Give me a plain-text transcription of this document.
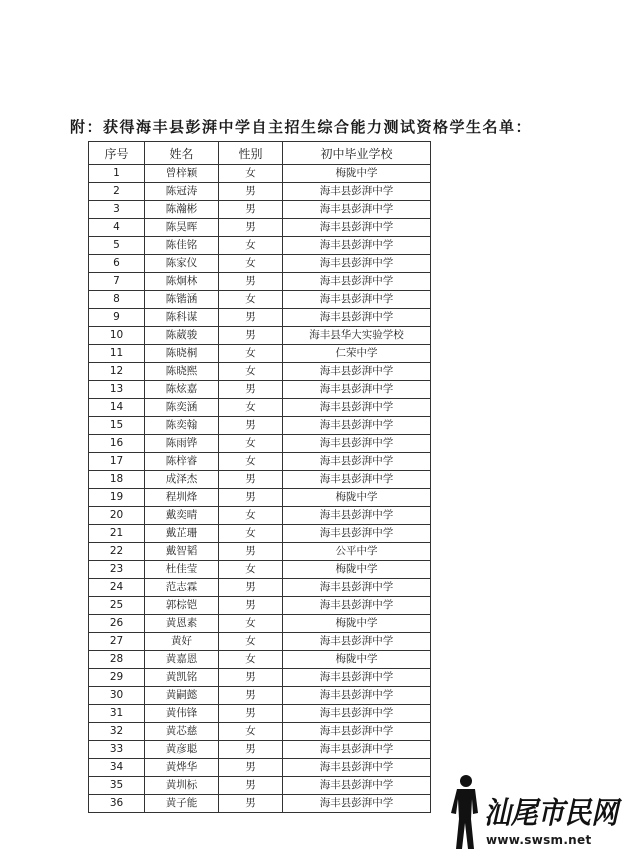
附：获得海丰县彭湃中学自主招生综合能力测试资格学生名单：
序号	姓名	性别	初中毕业学校
1	曾梓颖	女	梅陇中学
2	陈冠涛	男	海丰县彭湃中学
3	陈瀚彬	男	海丰县彭湃中学
4	陈昊晖	男	海丰县彭湃中学
5	陈佳铭	女	海丰县彭湃中学
6	陈家仪	女	海丰县彭湃中学
7	陈炯林	男	海丰县彭湃中学
8	陈锴涵	女	海丰县彭湃中学
9	陈科谋	男	海丰县彭湃中学
10	陈葳骏	男	海丰县华大实验学校
11	陈晓桐	女	仁荣中学
12	陈晓熙	女	海丰县彭湃中学
13	陈炫嘉	男	海丰县彭湃中学
14	陈奕涵	女	海丰县彭湃中学
15	陈奕翰	男	海丰县彭湃中学
16	陈雨铧	女	海丰县彭湃中学
17	陈梓睿	女	海丰县彭湃中学
18	成泽杰	男	海丰县彭湃中学
19	程圳烽	男	梅陇中学
20	戴奕晴	女	海丰县彭湃中学
21	戴芷珊	女	海丰县彭湃中学
22	戴智韬	男	公平中学
23	杜佳莹	女	梅陇中学
24	范志霖	男	海丰县彭湃中学
25	郭棕铠	男	海丰县彭湃中学
26	黄恩素	女	梅陇中学
27	黄好	女	海丰县彭湃中学
28	黄嘉恩	女	梅陇中学
29	黄凯铭	男	海丰县彭湃中学
30	黄嗣懿	男	海丰县彭湃中学
31	黄伟锋	男	海丰县彭湃中学
32	黄芯慈	女	海丰县彭湃中学
33	黄彦聪	男	海丰县彭湃中学
34	黄烨华	男	海丰县彭湃中学
35	黄圳标	男	海丰县彭湃中学
36	黄子能	男	海丰县彭湃中学	汕尾市民网
www.swsm.net
